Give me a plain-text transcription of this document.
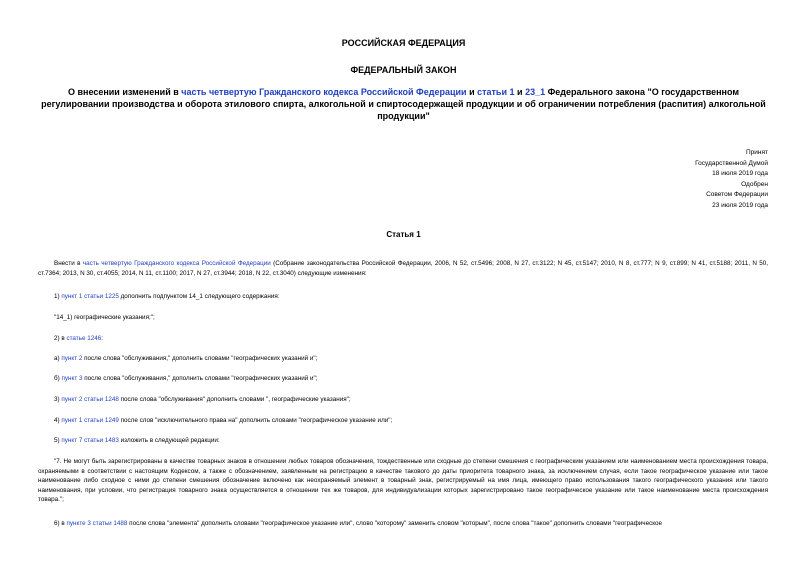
РОССИЙСКАЯ ФЕДЕРАЦИЯ
ФЕДЕРАЛЬНЫЙ ЗАКОН
О внесении изменений в часть четвертую Гражданского кодекса Российской Федерации и статьи 1 и 23_1 Федерального закона "О государственном регулировании производства и оборота этилового спирта, алкогольной и спиртосодержащей продукции и об ограничении потребления (распития) алкогольной продукции"
Принят
Государственной Думой
18 июля 2019 года
Одобрен
Советом Федерации
23 июля 2019 года
Статья 1
Внести в часть четвертую Гражданского кодекса Российской Федерации (Собрание законодательства Российской Федерации, 2006, N 52, ст.5496; 2008, N 27, ст.3122; N 45, ст.5147; 2010, N 8, ст.777; N 9, ст.899; N 41, ст.5188; 2011, N 50, ст.7364; 2013, N 30, ст.4055; 2014, N 11, ст.1100; 2017, N 27, ст.3944; 2018, N 22, ст.3040) следующие изменения:
1) пункт 1 статьи 1225 дополнить подпунктом 14_1 следующего содержания:
"14_1) географические указания;";
2) в статье 1246:
а) пункт 2 после слова "обслуживания," дополнить словами "географических указаний и";
б) пункт 3 после слова "обслуживания," дополнить словами "географических указаний и";
3) пункт 2 статьи 1248 после слова "обслуживания" дополнить словами ", географические указания";
4) пункт 1 статьи 1249 после слов "исключительного права на" дополнить словами "географическое указание или";
5) пункт 7 статьи 1483 изложить в следующей редакции:
"7. Не могут быть зарегистрированы в качестве товарных знаков в отношении любых товаров обозначения, тождественные или сходные до степени смешения с географическим указанием или наименованием места происхождения товара, охраняемыми в соответствии с настоящим Кодексом, а также с обозначением, заявленным на регистрацию в качестве такового до даты приоритета товарного знака, за исключением случая, если такое географическое указание или такое наименование либо сходное с ними до степени смешения обозначение включено как неохраняемый элемент в товарный знак, регистрируемый на имя лица, имеющего право использования такого географического указания или такого наименования, при условии, что регистрация товарного знака осуществляется в отношении тех же товаров, для индивидуализации которых зарегистрировано такое географическое указание или такое наименование места происхождения товара.";
6) в пункте 3 статьи 1488 после слова "элемента" дополнить словами "географическое указание или", слово "которому" заменить словом "которым", после слова "такое" дополнить словами "географическое
